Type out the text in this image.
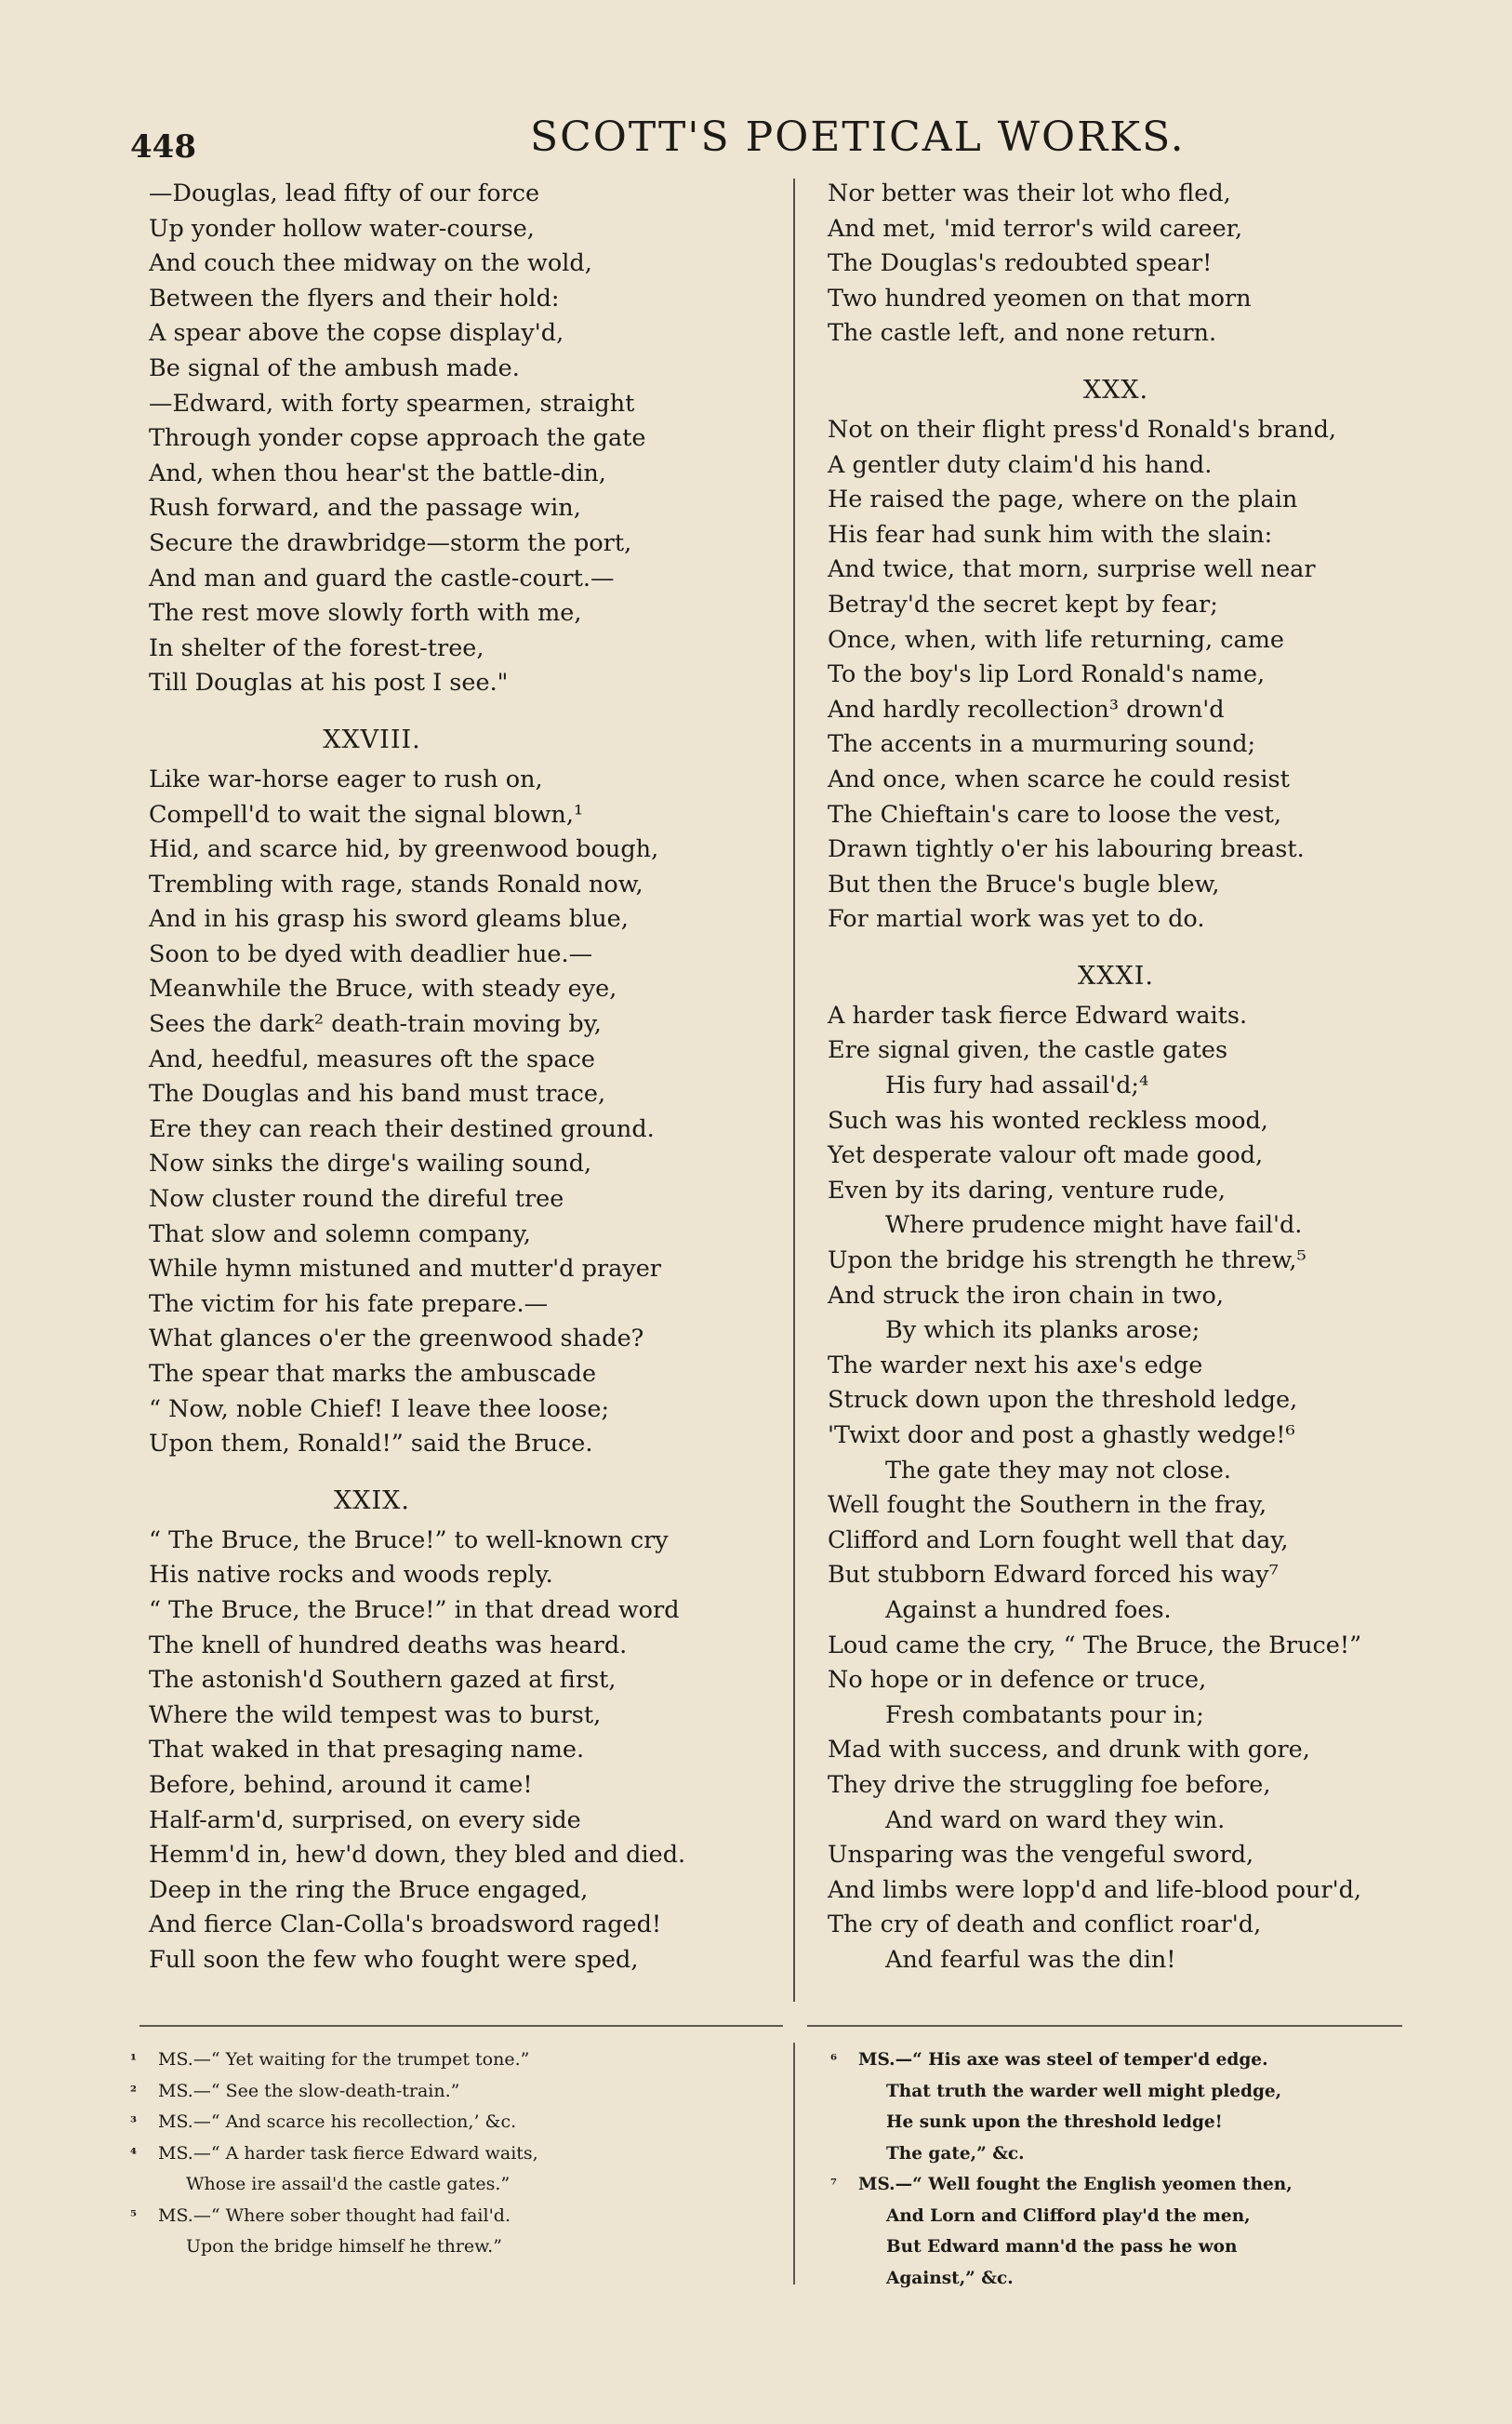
448	SCOTT'S POETICAL WORKS.
—Douglas, lead fifty of our force
Up yonder hollow water-course,
And couch thee midway on the wold,
Between the flyers and their hold:
A spear above the copse display'd,
Be signal of the ambush made.
—Edward, with forty spearmen, straight
Through yonder copse approach the gate
And, when thou hear'st the battle-din,
Rush forward, and the passage win,
Secure the drawbridge—storm the port,
And man and guard the castle-court.—
The rest move slowly forth with me,
In shelter of the forest-tree,
Till Douglas at his post I see."
XXVIII.
Like war-horse eager to rush on,
Compell'd to wait the signal blown,¹
Hid, and scarce hid, by greenwood bough,
Trembling with rage, stands Ronald now,
And in his grasp his sword gleams blue,
Soon to be dyed with deadlier hue.—
Meanwhile the Bruce, with steady eye,
Sees the dark² death-train moving by,
And, heedful, measures oft the space
The Douglas and his band must trace,
Ere they can reach their destined ground.
Now sinks the dirge's wailing sound,
Now cluster round the direful tree
That slow and solemn company,
While hymn mistuned and mutter'd prayer
The victim for his fate prepare.—
What glances o'er the greenwood shade?
The spear that marks the ambuscade
“ Now, noble Chief! I leave thee loose;
Upon them, Ronald!” said the Bruce.
XXIX.
“ The Bruce, the Bruce!” to well-known cry
His native rocks and woods reply.
“ The Bruce, the Bruce!” in that dread word
The knell of hundred deaths was heard.
The astonish'd Southern gazed at first,
Where the wild tempest was to burst,
That waked in that presaging name.
Before, behind, around it came!
Half-arm'd, surprised, on every side
Hemm'd in, hew'd down, they bled and died.
Deep in the ring the Bruce engaged,
And fierce Clan-Colla's broadsword raged!
Full soon the few who fought were sped,
Nor better was their lot who fled,
And met, 'mid terror's wild career,
The Douglas's redoubted spear!
Two hundred yeomen on that morn
The castle left, and none return.
XXX.
Not on their flight press'd Ronald's brand,
A gentler duty claim'd his hand.
He raised the page, where on the plain
His fear had sunk him with the slain:
And twice, that morn, surprise well near
Betray'd the secret kept by fear;
Once, when, with life returning, came
To the boy's lip Lord Ronald's name,
And hardly recollection³ drown'd
The accents in a murmuring sound;
And once, when scarce he could resist
The Chieftain's care to loose the vest,
Drawn tightly o'er his labouring breast.
But then the Bruce's bugle blew,
For martial work was yet to do.
XXXI.
A harder task fierce Edward waits.
Ere signal given, the castle gates
His fury had assail'd;⁴
Such was his wonted reckless mood,
Yet desperate valour oft made good,
Even by its daring, venture rude,
Where prudence might have fail'd.
Upon the bridge his strength he threw,⁵
And struck the iron chain in two,
By which its planks arose;
The warder next his axe's edge
Struck down upon the threshold ledge,
'Twixt door and post a ghastly wedge!⁶
The gate they may not close.
Well fought the Southern in the fray,
Clifford and Lorn fought well that day,
But stubborn Edward forced his way⁷
Against a hundred foes.
Loud came the cry, “ The Bruce, the Bruce!”
No hope or in defence or truce,
Fresh combatants pour in;
Mad with success, and drunk with gore,
They drive the struggling foe before,
And ward on ward they win.
Unsparing was the vengeful sword,
And limbs were lopp'd and life-blood pour'd,
The cry of death and conflict roar'd,
And fearful was the din!
¹ MS.—“ Yet waiting for the trumpet tone.”
² MS.—“ See the slow-death-train.”
³ MS.—“ And scarce his recollection,’ &c.
⁴ MS.—“ A harder task fierce Edward waits,
Whose ire assail'd the castle gates.”
⁵ MS.—“ Where sober thought had fail'd.
Upon the bridge himself he threw.”
⁶ MS.—“ His axe was steel of temper'd edge.
That truth the warder well might pledge,
He sunk upon the threshold ledge!
The gate,” &c.
⁷ MS.—“ Well fought the English yeomen then,
And Lorn and Clifford play'd the men,
But Edward mann'd the pass he won
Against,” &c.
